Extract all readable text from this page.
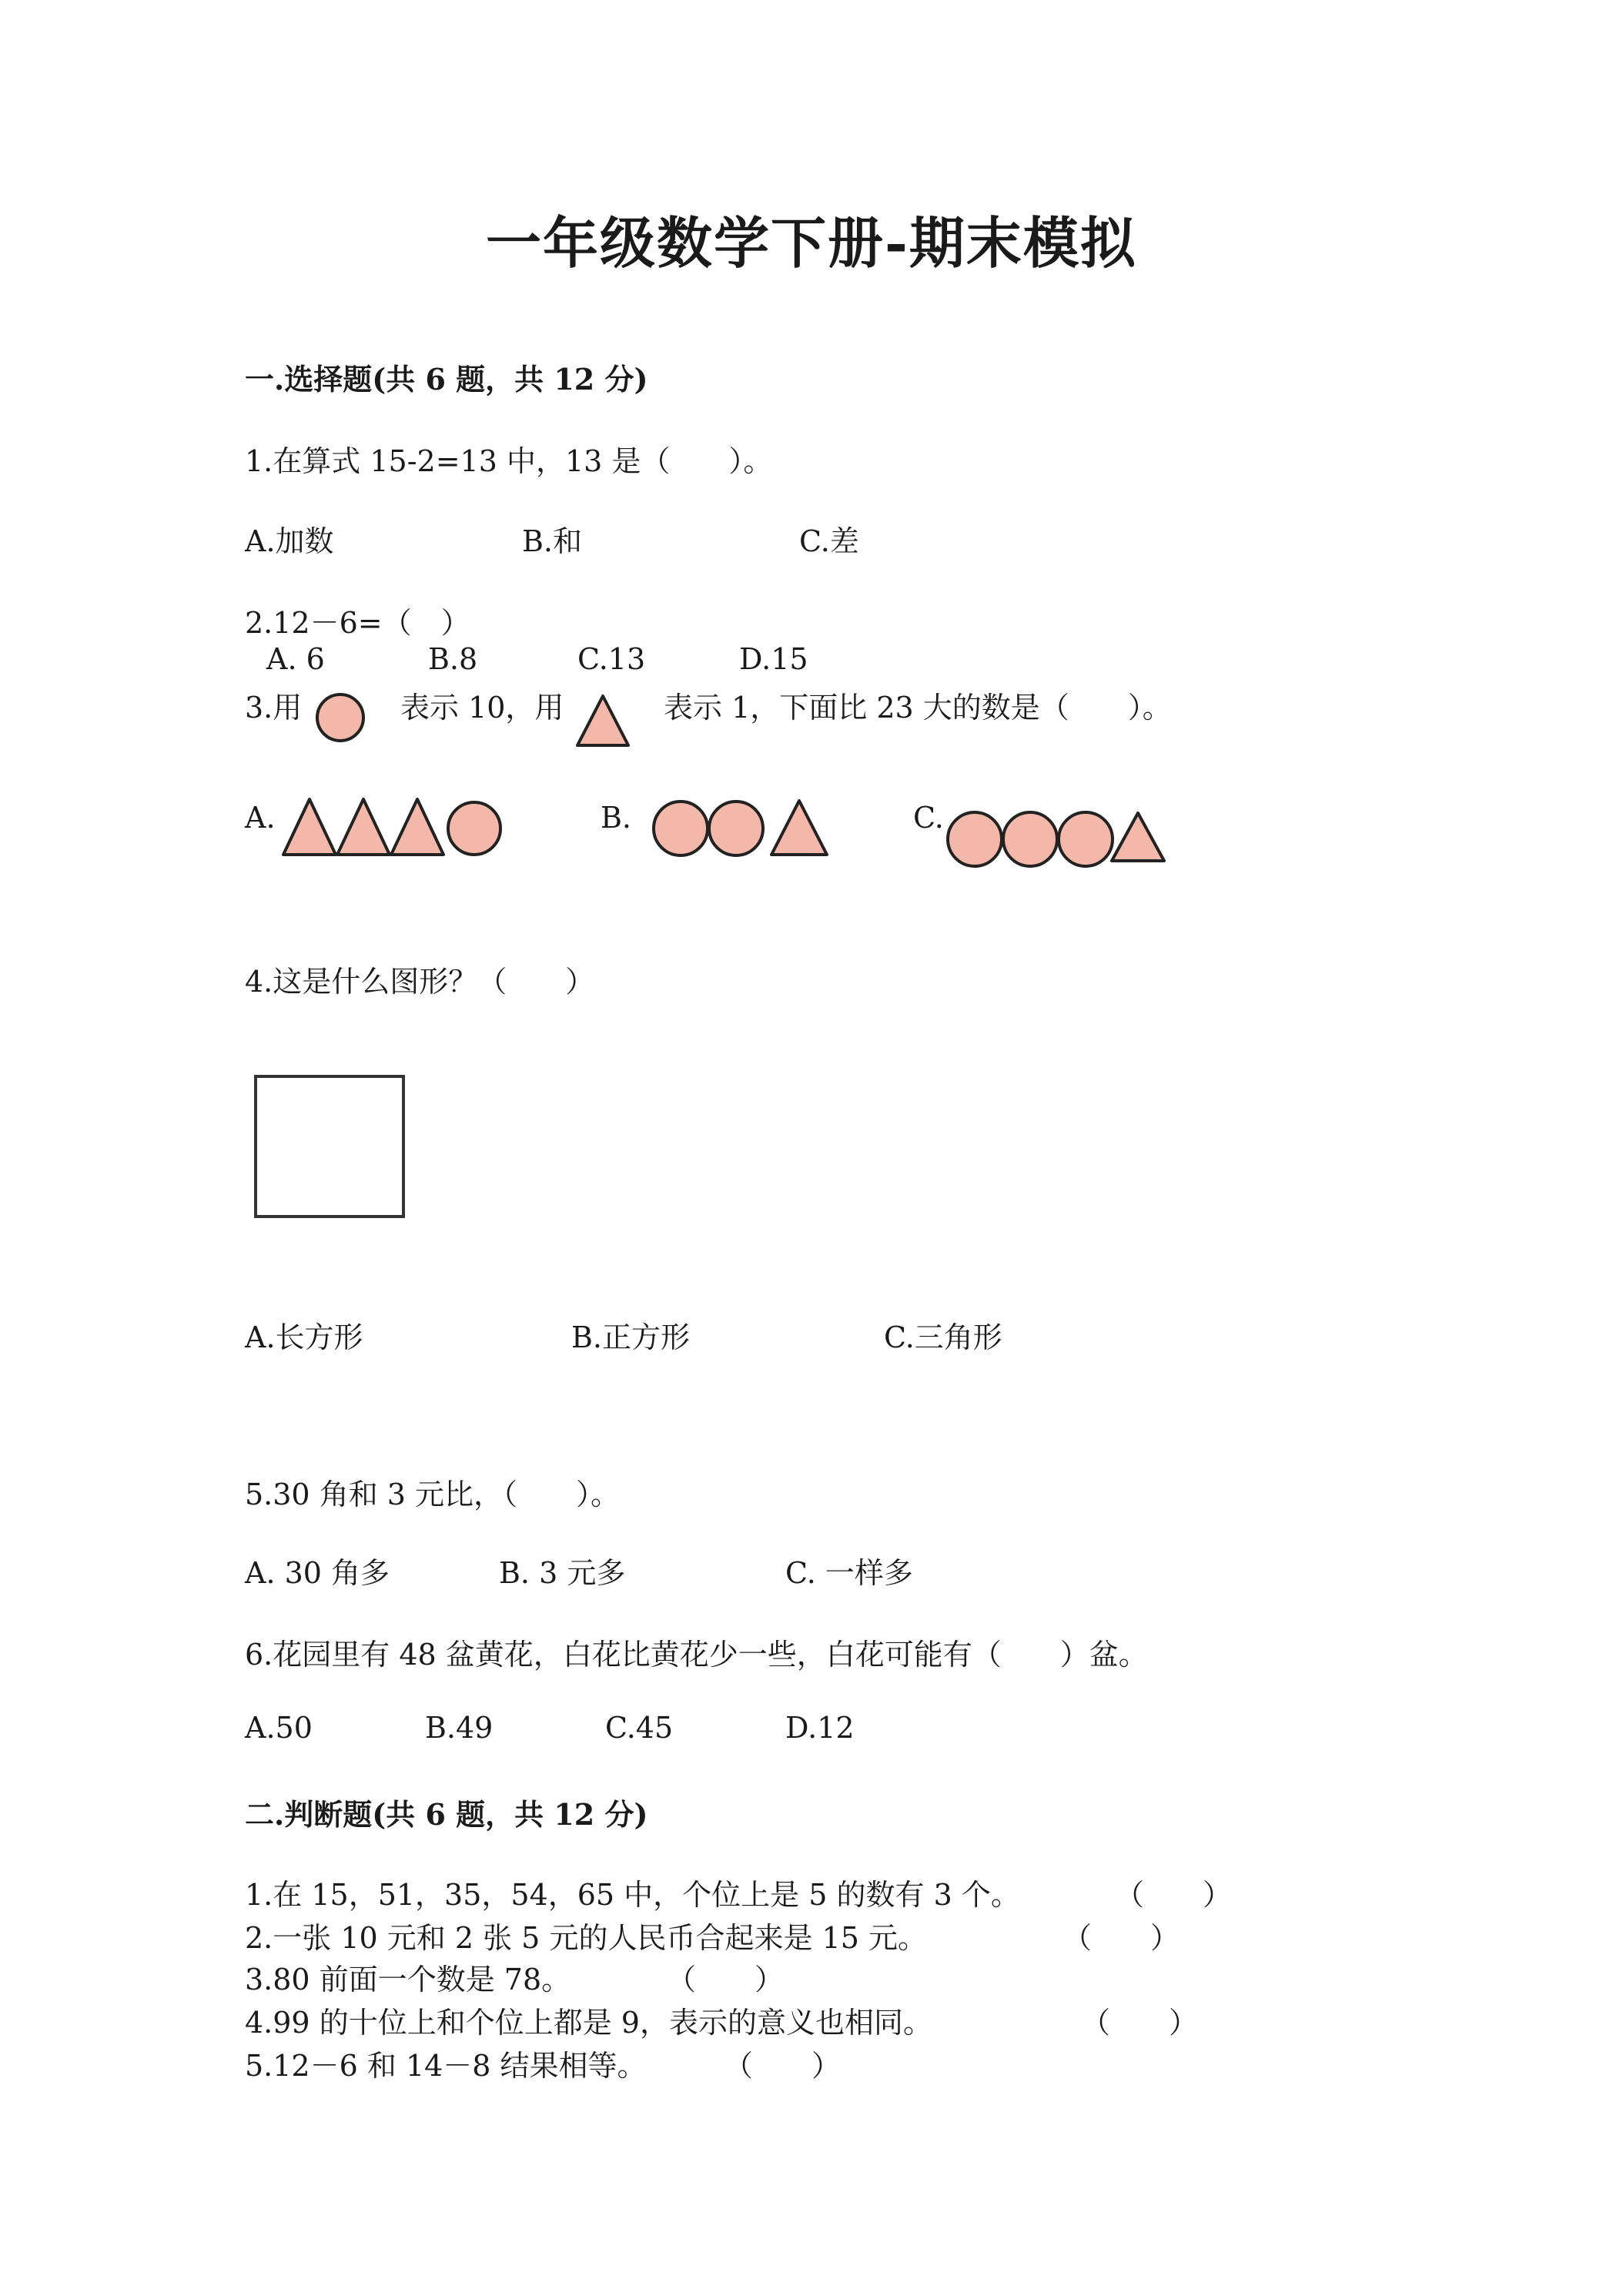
一年级数学下册-期末模拟
一.选择题(共 6 题，共 12 分)
1.在算式 15-2=13 中，13 是（　　）。
A.加数	B.和	C.差
2.12－6=（　）
A. 6	B.8	C.13	D.15
3.用	表示 10，用	表示 1，下面比 23 大的数是（　　）。
A.	B.	C.
4.这是什么图形？（　　）
A.长方形	B.正方形	C.三角形
5.30 角和 3 元比，（　　）。
A. 30 角多	B. 3 元多	C. 一样多
6.花园里有 48 盆黄花，白花比黄花少一些，白花可能有（　　）盆。
A.50	B.49	C.45	D.12
二.判断题(共 6 题，共 12 分)
1.在 15，51，35，54，65 中，个位上是 5 的数有 3 个。	（　　）
2.一张 10 元和 2 张 5 元的人民币合起来是 15 元。	（　　）
3.80 前面一个数是 78。	（　　）
4.99 的十位上和个位上都是 9，表示的意义也相同。	（　　）
5.12－6 和 14－8 结果相等。	（　　）
